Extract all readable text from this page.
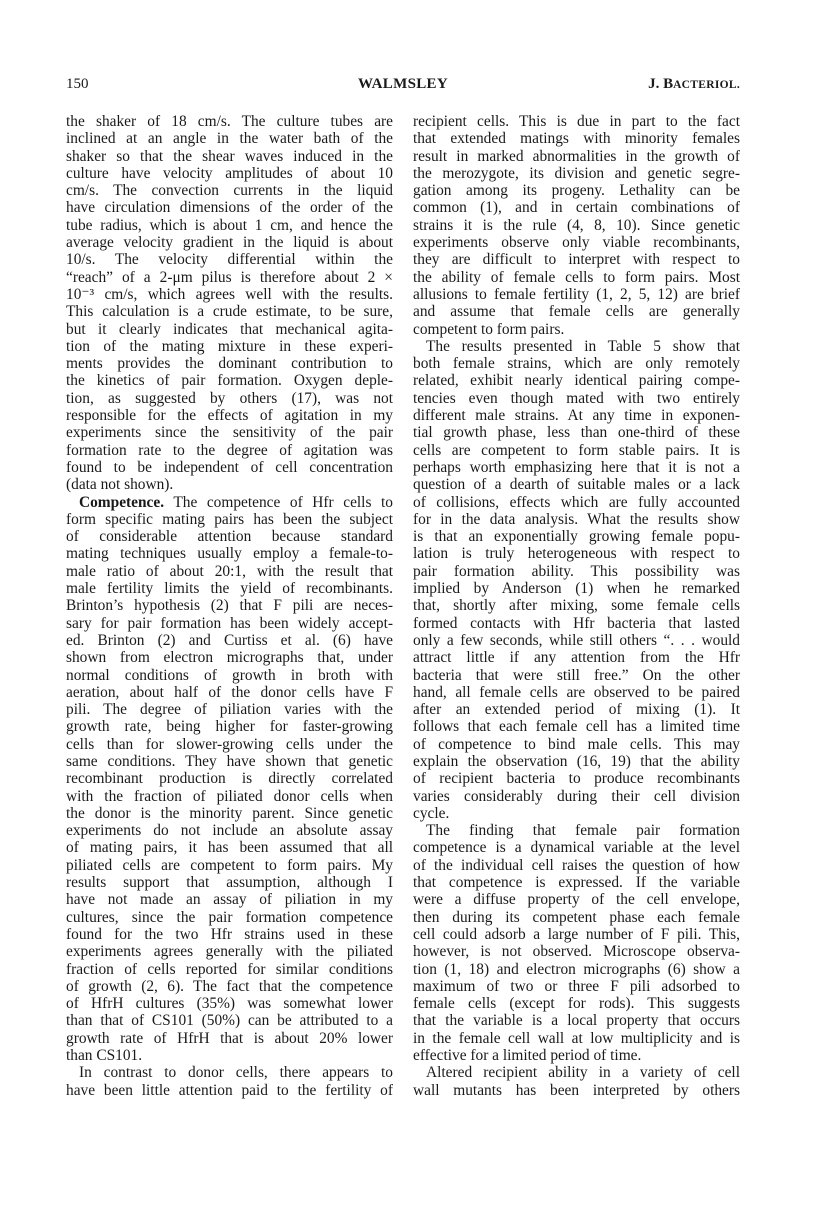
150	WALMSLEY	J. BACTERIOL.
the shaker of 18 cm/s. The culture tubes are
inclined at an angle in the water bath of the
shaker so that the shear waves induced in the
culture have velocity amplitudes of about 10
cm/s. The convection currents in the liquid
have circulation dimensions of the order of the
tube radius, which is about 1 cm, and hence the
average velocity gradient in the liquid is about
10/s. The velocity differential within the
“reach” of a 2-μm pilus is therefore about 2 ×
10⁻³ cm/s, which agrees well with the results.
This calculation is a crude estimate, to be sure,
but it clearly indicates that mechanical agita-
tion of the mating mixture in these experi-
ments provides the dominant contribution to
the kinetics of pair formation. Oxygen deple-
tion, as suggested by others (17), was not
responsible for the effects of agitation in my
experiments since the sensitivity of the pair
formation rate to the degree of agitation was
found to be independent of cell concentration
(data not shown).
Competence. The competence of Hfr cells to
form specific mating pairs has been the subject
of considerable attention because standard
mating techniques usually employ a female-to-
male ratio of about 20:1, with the result that
male fertility limits the yield of recombinants.
Brinton’s hypothesis (2) that F pili are neces-
sary for pair formation has been widely accept-
ed. Brinton (2) and Curtiss et al. (6) have
shown from electron micrographs that, under
normal conditions of growth in broth with
aeration, about half of the donor cells have F
pili. The degree of piliation varies with the
growth rate, being higher for faster-growing
cells than for slower-growing cells under the
same conditions. They have shown that genetic
recombinant production is directly correlated
with the fraction of piliated donor cells when
the donor is the minority parent. Since genetic
experiments do not include an absolute assay
of mating pairs, it has been assumed that all
piliated cells are competent to form pairs. My
results support that assumption, although I
have not made an assay of piliation in my
cultures, since the pair formation competence
found for the two Hfr strains used in these
experiments agrees generally with the piliated
fraction of cells reported for similar conditions
of growth (2, 6). The fact that the competence
of HfrH cultures (35%) was somewhat lower
than that of CS101 (50%) can be attributed to a
growth rate of HfrH that is about 20% lower
than CS101.
In contrast to donor cells, there appears to
have been little attention paid to the fertility of
recipient cells. This is due in part to the fact
that extended matings with minority females
result in marked abnormalities in the growth of
the merozygote, its division and genetic segre-
gation among its progeny. Lethality can be
common (1), and in certain combinations of
strains it is the rule (4, 8, 10). Since genetic
experiments observe only viable recombinants,
they are difficult to interpret with respect to
the ability of female cells to form pairs. Most
allusions to female fertility (1, 2, 5, 12) are brief
and assume that female cells are generally
competent to form pairs.
The results presented in Table 5 show that
both female strains, which are only remotely
related, exhibit nearly identical pairing compe-
tencies even though mated with two entirely
different male strains. At any time in exponen-
tial growth phase, less than one-third of these
cells are competent to form stable pairs. It is
perhaps worth emphasizing here that it is not a
question of a dearth of suitable males or a lack
of collisions, effects which are fully accounted
for in the data analysis. What the results show
is that an exponentially growing female popu-
lation is truly heterogeneous with respect to
pair formation ability. This possibility was
implied by Anderson (1) when he remarked
that, shortly after mixing, some female cells
formed contacts with Hfr bacteria that lasted
only a few seconds, while still others “. . . would
attract little if any attention from the Hfr
bacteria that were still free.” On the other
hand, all female cells are observed to be paired
after an extended period of mixing (1). It
follows that each female cell has a limited time
of competence to bind male cells. This may
explain the observation (16, 19) that the ability
of recipient bacteria to produce recombinants
varies considerably during their cell division
cycle.
The finding that female pair formation
competence is a dynamical variable at the level
of the individual cell raises the question of how
that competence is expressed. If the variable
were a diffuse property of the cell envelope,
then during its competent phase each female
cell could adsorb a large number of F pili. This,
however, is not observed. Microscope observa-
tion (1, 18) and electron micrographs (6) show a
maximum of two or three F pili adsorbed to
female cells (except for rods). This suggests
that the variable is a local property that occurs
in the female cell wall at low multiplicity and is
effective for a limited period of time.
Altered recipient ability in a variety of cell
wall mutants has been interpreted by others
